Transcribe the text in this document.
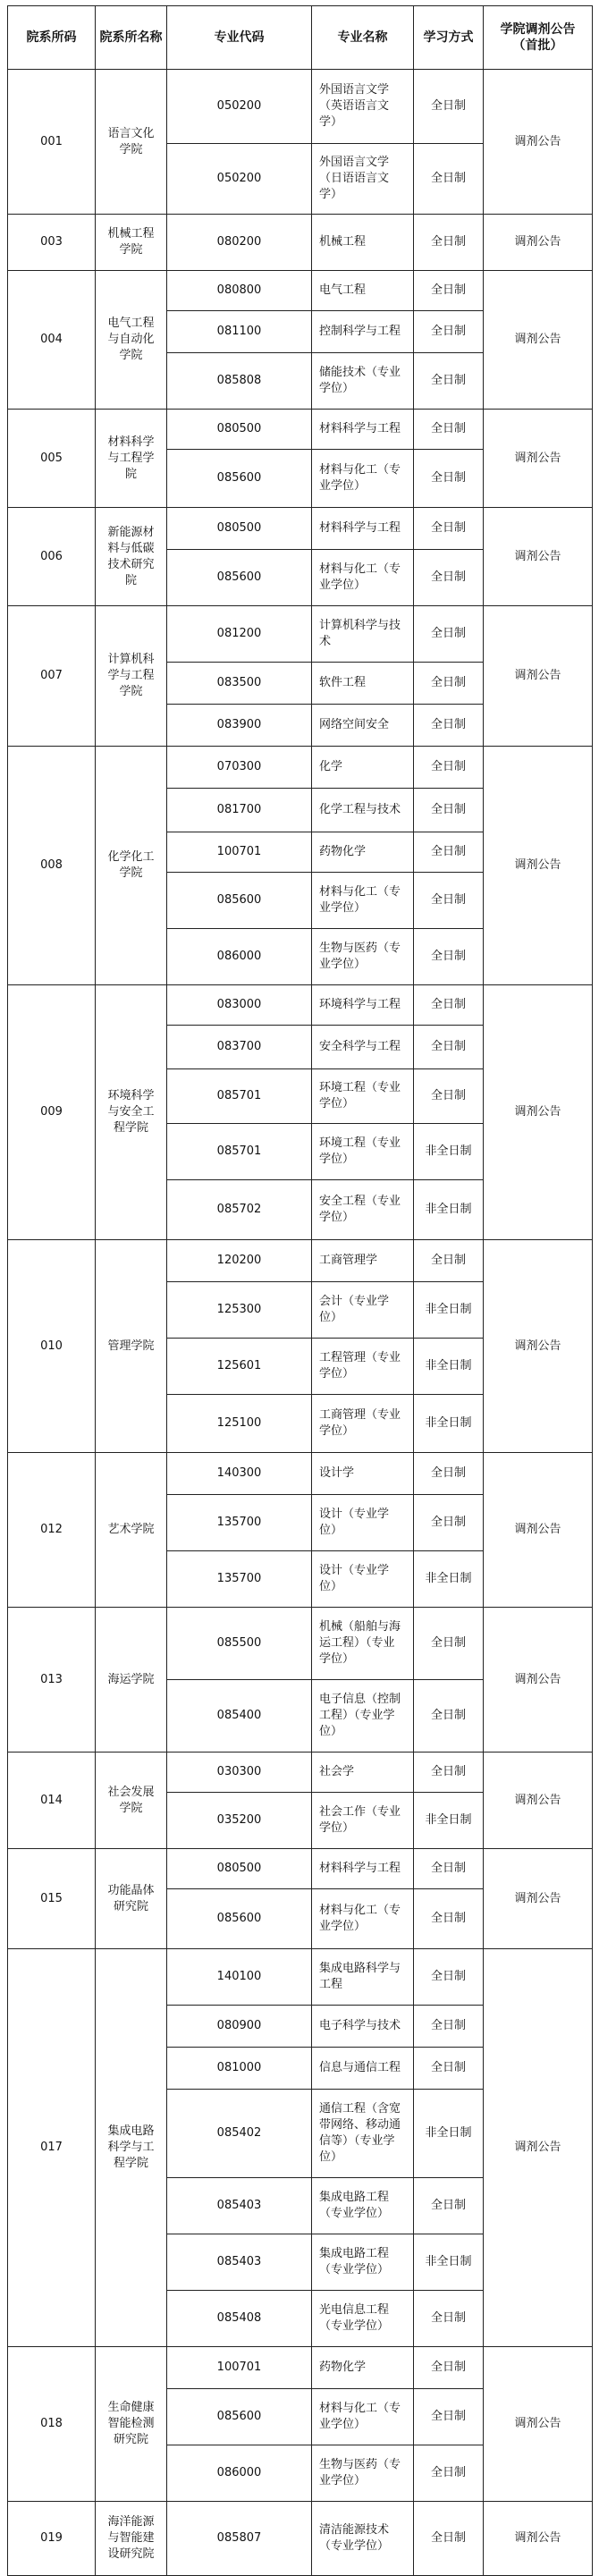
院系所码	院系所名称	专业代码	专业名称	学习方式	学院调剂公告
（首批）
001	语言文化学院	050200	外国语言文学（英语语言文学）	全日制	调剂公告
		050200	外国语言文学（日语语言文学）	全日制	
003	机械工程学院	080200	机械工程	全日制	调剂公告
004	电气工程与自动化学院	080800	电气工程	全日制	调剂公告
		081100	控制科学与工程	全日制	
		085808	储能技术（专业学位）	全日制	
005	材料科学与工程学院	080500	材料科学与工程	全日制	调剂公告
		085600	材料与化工（专业学位）	全日制	
006	新能源材料与低碳技术研究院	080500	材料科学与工程	全日制	调剂公告
		085600	材料与化工（专业学位）	全日制	
007	计算机科学与工程学院	081200	计算机科学与技术	全日制	调剂公告
		083500	软件工程	全日制	
		083900	网络空间安全	全日制	
008	化学化工学院	070300	化学	全日制	调剂公告
		081700	化学工程与技术	全日制	
		100701	药物化学	全日制	
		085600	材料与化工（专业学位）	全日制	
		086000	生物与医药（专业学位）	全日制	
009	环境科学与安全工程学院	083000	环境科学与工程	全日制	调剂公告
		083700	安全科学与工程	全日制	
		085701	环境工程（专业学位）	全日制	
		085701	环境工程（专业学位）	非全日制	
		085702	安全工程（专业学位）	非全日制	
010	管理学院	120200	工商管理学	全日制	调剂公告
		125300	会计（专业学位）	非全日制	
		125601	工程管理（专业学位）	非全日制	
		125100	工商管理（专业学位）	非全日制	
012	艺术学院	140300	设计学	全日制	调剂公告
		135700	设计（专业学位）	全日制	
		135700	设计（专业学位）	非全日制	
013	海运学院	085500	机械（船舶与海运工程）（专业学位）	全日制	调剂公告
		085400	电子信息（控制工程）（专业学位）	全日制	
014	社会发展学院	030300	社会学	全日制	调剂公告
		035200	社会工作（专业学位）	非全日制	
015	功能晶体研究院	080500	材料科学与工程	全日制	调剂公告
		085600	材料与化工（专业学位）	全日制	
017	集成电路科学与工程学院	140100	集成电路科学与工程	全日制	调剂公告
		080900	电子科学与技术	全日制	
		081000	信息与通信工程	全日制	
		085402	通信工程（含宽带网络、移动通信等）（专业学位）	非全日制	
		085403	集成电路工程（专业学位）	全日制	
		085403	集成电路工程（专业学位）	非全日制	
		085408	光电信息工程（专业学位）	全日制	
018	生命健康智能检测研究院	100701	药物化学	全日制	调剂公告
		085600	材料与化工（专业学位）	全日制	
		086000	生物与医药（专业学位）	全日制	
019	海洋能源与智能建设研究院	085807	清洁能源技术（专业学位）	全日制	调剂公告
